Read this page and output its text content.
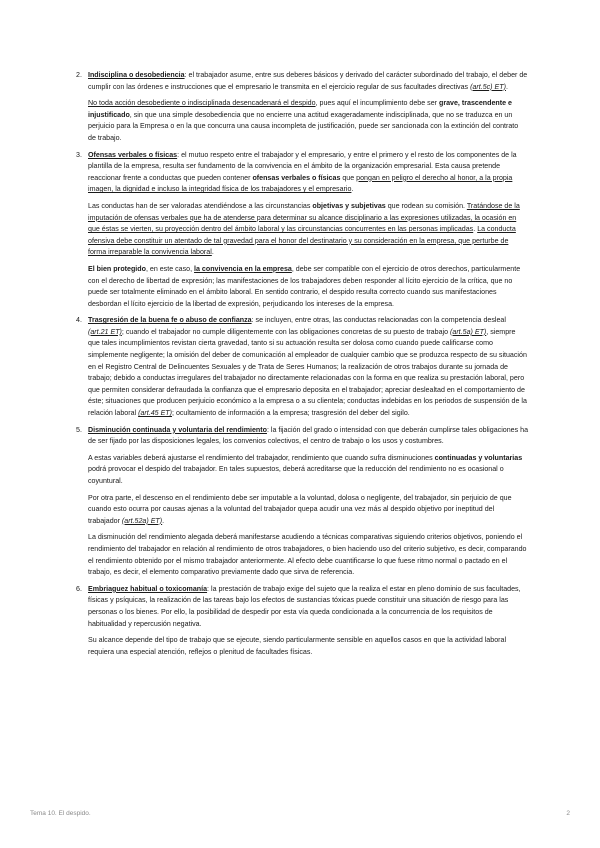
2. Indisciplina o desobediencia: el trabajador asume, entre sus deberes básicos y derivado del carácter subordinado del trabajo, el deber de cumplir con las órdenes e instrucciones que el empresario le transmita en el ejercicio regular de sus facultades directivas (art.5c) ET).

No toda acción desobediente o indisciplinada desencadenará el despido, pues aquí el incumplimiento debe ser grave, trascendente e injustificado, sin que una simple desobediencia que no encierre una actitud exageradamente indisciplinada, que no se traduzca en un perjuicio para la Empresa o en la que concurra una causa incompleta de justificación, puede ser sancionada con la extinción del contrato de trabajo.

3. Ofensas verbales o físicas: el mutuo respeto entre el trabajador y el empresario, y entre el primero y el resto de los componentes de la plantilla de la empresa, resulta ser fundamento de la convivencia en el ámbito de la organización empresarial. Esta causa pretende reaccionar frente a conductas que pueden contener ofensas verbales o físicas que pongan en peligro el derecho al honor, a la propia imagen, la dignidad e incluso la integridad física de los trabajadores y el empresario.

Las conductas han de ser valoradas atendiéndose a las circunstancias objetivas y subjetivas que rodean su comisión. Tratándose de la imputación de ofensas verbales que ha de atenderse para determinar su alcance disciplinario a las expresiones utilizadas, la ocasión en que éstas se vierten, su proyección dentro del ámbito laboral y las circunstancias concurrentes en las personas implicadas. La conducta ofensiva debe constituir un atentado de tal gravedad para el honor del destinatario y su consideración en la empresa, que perturbe de forma irreparable la convivencia laboral.

El bien protegido, en este caso, la convivencia en la empresa, debe ser compatible con el ejercicio de otros derechos, particularmente con el derecho de libertad de expresión; las manifestaciones de los trabajadores deben responder al lícito ejercicio de la crítica, que no puede ser totalmente eliminado en el ámbito laboral. En sentido contrario, el despido resulta correcto cuando sus manifestaciones desbordan el lícito ejercicio de la libertad de expresión, perjudicando los intereses de la empresa.

4. Trasgresión de la buena fe o abuso de confianza: se incluyen, entre otras, las conductas relacionadas con la competencia desleal (art.21 ET); cuando el trabajador no cumple diligentemente con las obligaciones concretas de su puesto de trabajo (art.5a) ET), siempre que tales incumplimientos revistan cierta gravedad, tanto si su actuación resulta ser dolosa como cuando puede calificarse como simplemente negligente; la omisión del deber de comunicación al empleador de cualquier cambio que se produzca respecto de su situación en el Registro Central de Delincuentes Sexuales y de Trata de Seres Humanos; la realización de otros trabajos durante su jornada de trabajo; debido a conductas irregulares del trabajador no directamente relacionadas con la forma en que realiza su prestación laboral, pero que permiten considerar defraudada la confianza que el empresario deposita en el trabajador; apreciar deslealtad en el comportamiento de éste; situaciones que producen perjuicio económico a la empresa o a su clientela; conductas indebidas en los periodos de suspensión de la relación laboral (art.45 ET); ocultamiento de información a la empresa; trasgresión del deber del sigilo.

5. Disminución continuada y voluntaria del rendimiento: la fijación del grado o intensidad con que deberán cumplirse tales obligaciones ha de ser fijado por las disposiciones legales, los convenios colectivos, el centro de trabajo o los usos y costumbres.

A estas variables deberá ajustarse el rendimiento del trabajador, rendimiento que cuando sufra disminuciones continuadas y voluntarias podrá provocar el despido del trabajador. En tales supuestos, deberá acreditarse que la reducción del rendimiento no es ocasional o coyuntural.

Por otra parte, el descenso en el rendimiento debe ser imputable a la voluntad, dolosa o negligente, del trabajador, sin perjuicio de que cuando esto ocurra por causas ajenas a la voluntad del trabajador quepa acudir una vez más al despido objetivo por ineptitud del trabajador (art.52a) ET).

La disminución del rendimiento alegada deberá manifestarse acudiendo a técnicas comparativas siguiendo criterios objetivos, poniendo el rendimiento del trabajador en relación al rendimiento de otros trabajadores, o bien haciendo uso del criterio subjetivo, es decir, comparando el rendimiento obtenido por el mismo trabajador anteriormente. Al efecto debe cuantificarse lo que fuese ritmo normal o pactado en el trabajo, es decir, el elemento comparativo previamente dado que sirva de referencia.

6. Embriaguez habitual o toxicomanía: la prestación de trabajo exige del sujeto que la realiza el estar en pleno dominio de sus facultades, físicas y psíquicas, la realización de las tareas bajo los efectos de sustancias tóxicas puede constituir una situación de riesgo para las personas o los bienes. Por ello, la posibilidad de despedir por esta vía queda condicionada a la concurrencia de los requisitos de habitualidad y repercusión negativa.

Su alcance depende del tipo de trabajo que se ejecute, siendo particularmente sensible en aquellos casos en que la actividad laboral requiera una especial atención, reflejos o plenitud de facultades físicas.

Tema 10. El despido.	2
